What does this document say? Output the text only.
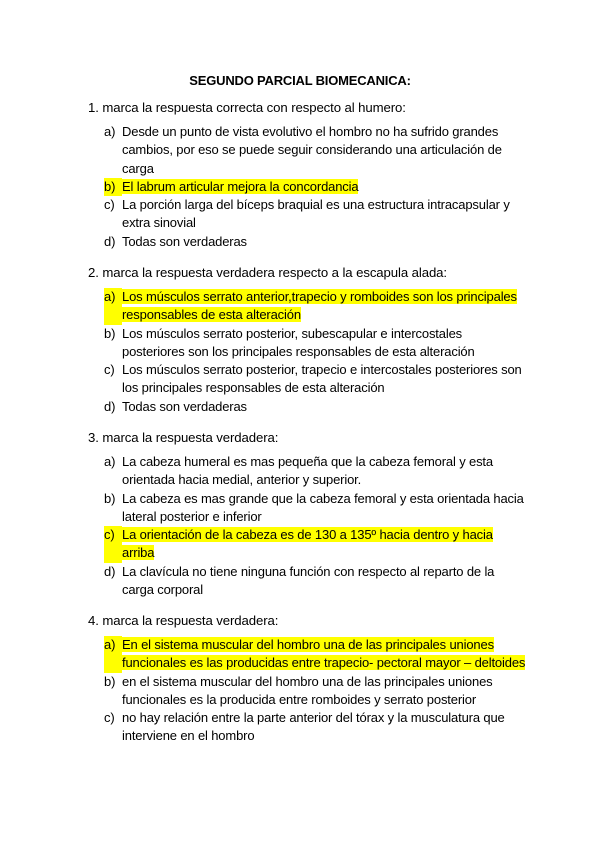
SEGUNDO PARCIAL BIOMECANICA:
1. marca la respuesta correcta con respecto al humero:
a) Desde un punto de vista evolutivo el hombro no ha sufrido grandes cambios, por eso se puede seguir considerando una articulación de carga
b) El labrum articular mejora la concordancia
c) La porción larga del bíceps braquial es una estructura intracapsular y extra sinovial
d) Todas son verdaderas
2. marca la respuesta verdadera respecto a la escapula alada:
a) Los músculos serrato anterior,trapecio y romboides son los principales responsables de esta alteración
b) Los músculos serrato posterior, subescapular e intercostales posteriores son los principales responsables de esta alteración
c) Los músculos serrato posterior, trapecio e intercostales posteriores son los principales responsables de esta alteración
d) Todas son verdaderas
3. marca la respuesta verdadera:
a) La cabeza humeral es mas pequeña que la cabeza femoral y esta orientada hacia medial, anterior y superior.
b) La cabeza es mas grande que la cabeza femoral y esta orientada hacia lateral posterior e inferior
c) La orientación de la cabeza es de 130 a 135º hacia dentro y hacia arriba
d) La clavícula no tiene ninguna función con respecto al reparto de la carga corporal
4. marca la respuesta verdadera:
a) En el sistema muscular del hombro una de las principales uniones funcionales es las producidas entre trapecio- pectoral mayor – deltoides
b) en el sistema muscular del hombro una de las principales uniones funcionales es la producida entre romboides y serrato posterior
c) no hay relación entre la parte anterior del tórax y la musculatura que interviene en el hombro
